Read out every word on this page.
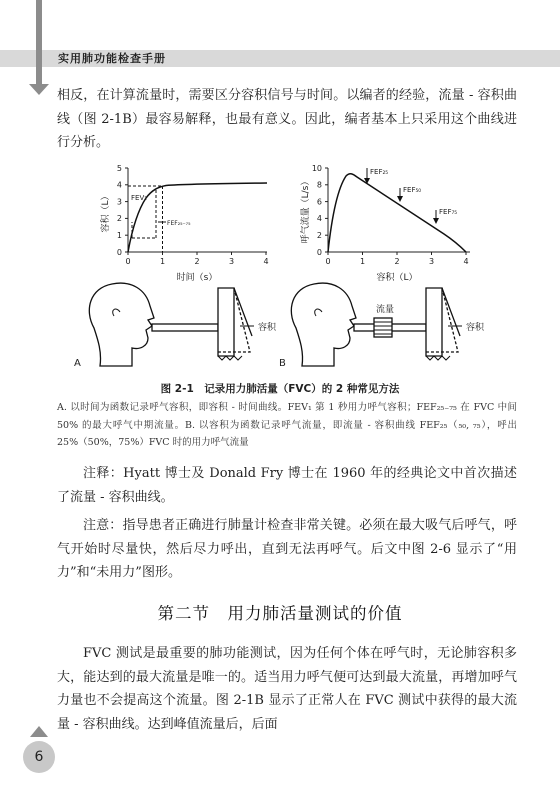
实用肺功能检查手册

相反，在计算流量时，需要区分容积信号与时间。以编者的经验，流量 - 容积曲线（图 2-1B）最容易解释，也最有意义。因此，编者基本上只采用这个曲线进行分析。

0
1
2
3
4
5
0	1	2	3	4
时间（s）
容积（L）	FEV₁
FEF₂₅₋₇₅
0
2
4
6
8
10
0	1	2	3	4
容积（L）
呼气流量（L/s）
FEF₂₅
FEF₅₀
FEF₇₅
容积
A
流量
容积
B
图 2-1　记录用力肺活量（FVC）的 2 种常见方法

A. 以时间为函数记录呼气容积，即容积 - 时间曲线。FEV₁ 第 1 秒用力呼气容积；FEF₂₅₋₇₅ 在 FVC 中间 50% 的最大呼气中期流量。B. 以容积为函数记录呼气流量，即流量 - 容积曲线 FEF₂₅（₅₀, ₇₅），呼出 25%（50%，75%）FVC 时的用力呼气流量

注释：Hyatt 博士及 Donald Fry 博士在 1960 年的经典论文中首次描述了流量 - 容积曲线。

注意：指导患者正确进行肺量计检查非常关键。必须在最大吸气后呼气，呼气开始时尽量快，然后尽力呼出，直到无法再呼气。后文中图 2-6 显示了“用力”和“未用力”图形。

第二节　用力肺活量测试的价值

FVC 测试是最重要的肺功能测试，因为任何个体在呼气时，无论肺容积多大，能达到的最大流量是唯一的。适当用力呼气便可达到最大流量，再增加呼气力量也不会提高这个流量。图 2-1B 显示了正常人在 FVC 测试中获得的最大流量 - 容积曲线。达到峰值流量后，后面

6
